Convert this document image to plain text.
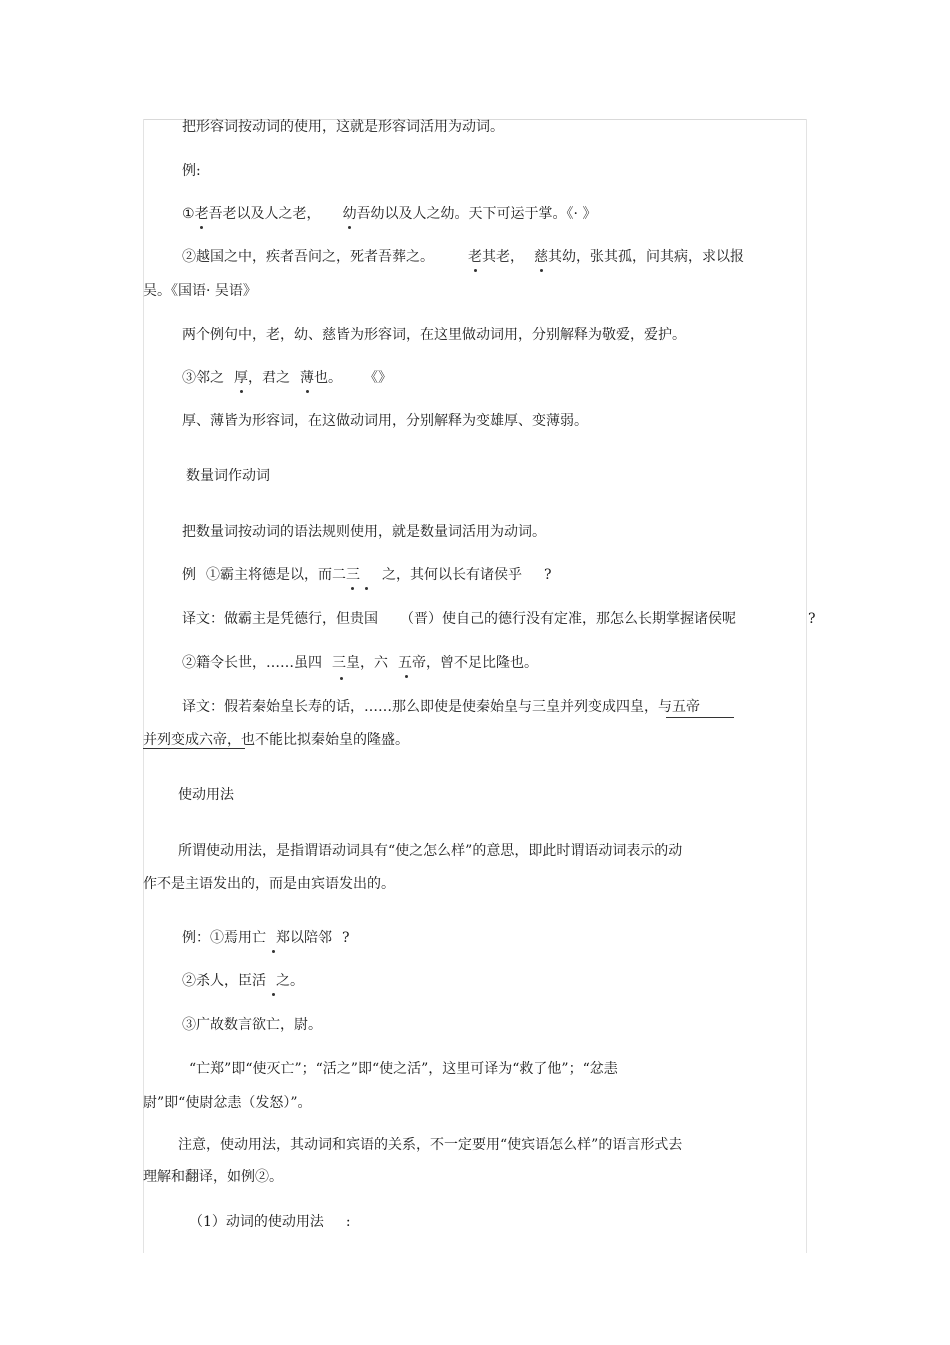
把形容词按动词的使用，这就是形容词活用为动词。
例:
①老吾老以及人之老， 幼吾幼以及人之幼。天下可运于掌。《· 》
②越国之中，疾者吾问之，死者吾葬之。 老其老， 慈其幼，张其孤，问其病，求以报
吴。《国语· 吴语》
两个例句中，老，幼、慈皆为形容词，在这里做动词用，分别解释为敬爱，爱护。
③邻之 厚，君之 薄也。 《》
厚、薄皆为形容词，在这做动词用，分别解释为变雄厚、变薄弱。
数量词作动词
把数量词按动词的语法规则使用，就是数量词活用为动词。
例 ①霸主将德是以，而二三 之，其何以长有诸侯乎 ?
译文：做霸主是凭德行，但贵国 （晋）使自己的德行没有定准，那怎么长期掌握诸侯呢	?
②籍令长世，……虽四 三皇，六 五帝，曾不足比隆也。
译文：假若秦始皇长寿的话，……那么即使是使秦始皇与三皇并列变成四皇，与五帝
并列变成六帝，也不能比拟秦始皇的隆盛。
使动用法
所谓使动用法，是指谓语动词具有“使之怎么样”的意思，即此时谓语动词表示的动
作不是主语发出的，而是由宾语发出的。
例：①焉用亡 郑以陪邻 ?
②杀人，臣活 之。
③广故数言欲亡，尉。
“亡郑”即“使灭亡”；“活之”即“使之活”，这里可译为“救了他”；“忿恚
尉”即“使尉忿恚（发怒）”。
注意，使动用法，其动词和宾语的关系，不一定要用“使宾语怎么样”的语言形式去
理解和翻译，如例②。
（1）动词的使动用法 :
